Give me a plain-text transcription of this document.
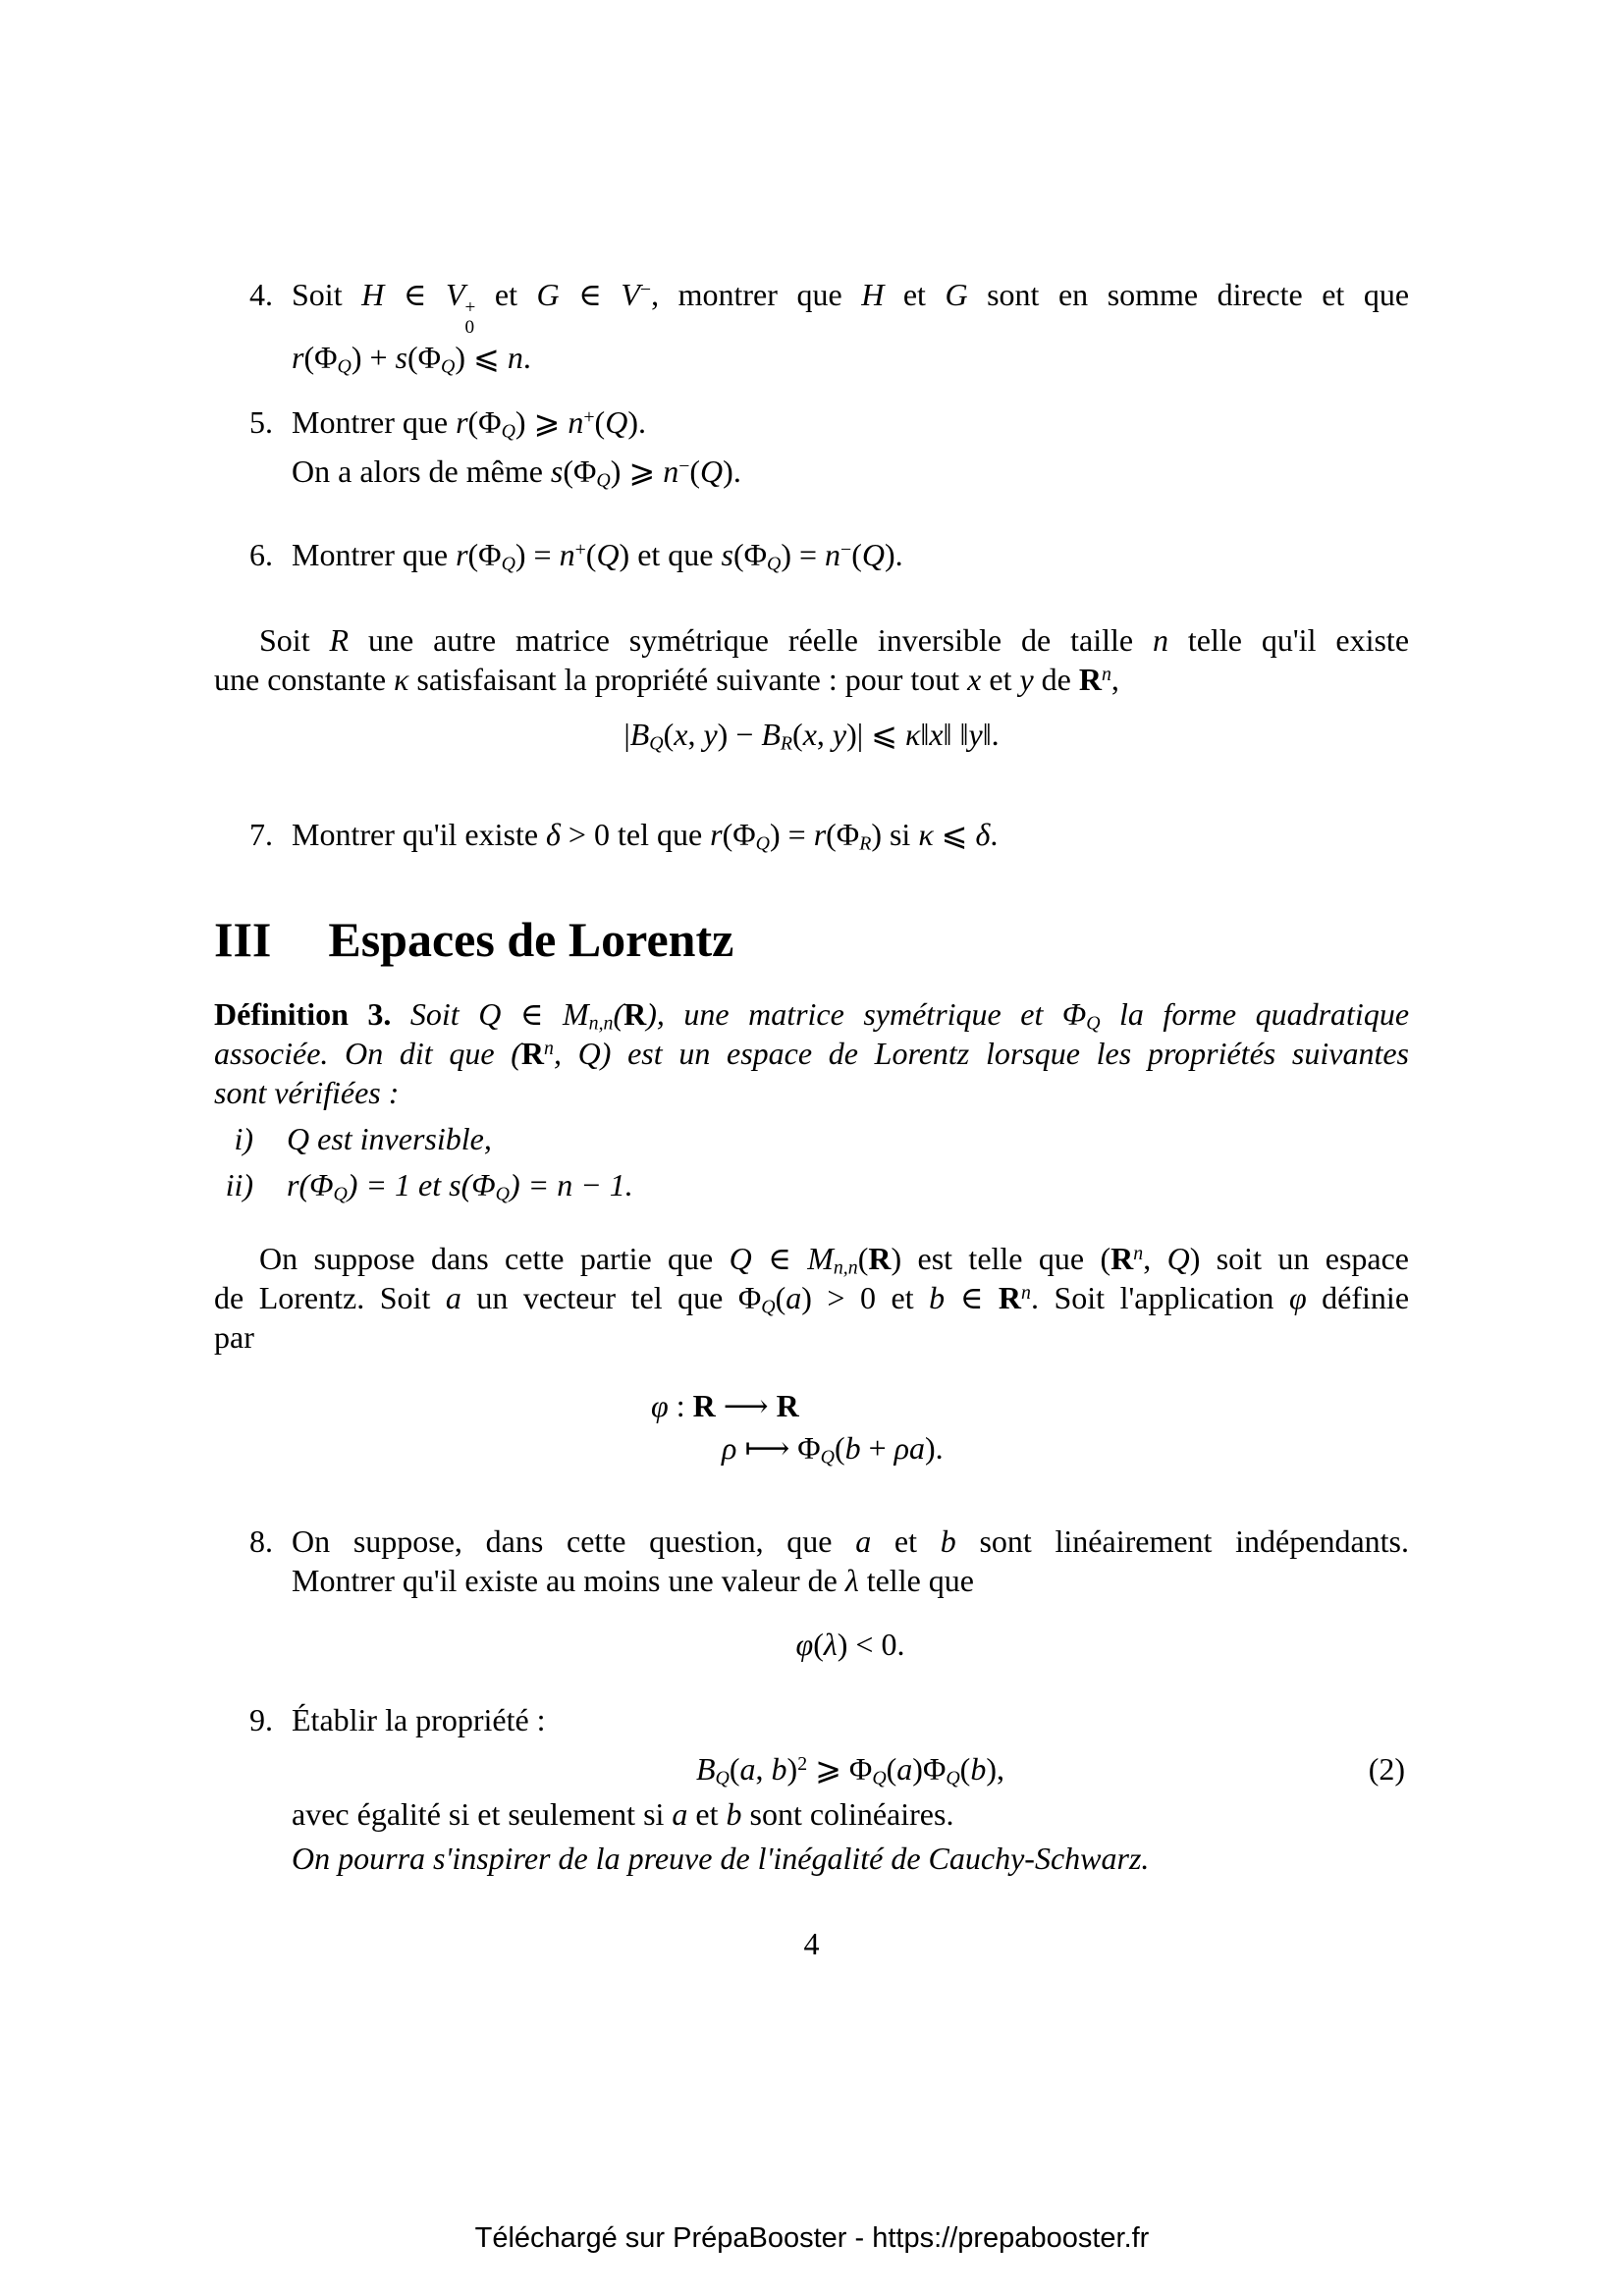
4. Soit H ∈ V +
0
et G ∈ V−, montrer que H et G sont en somme directe et que
$r(\Phi_Q) + s(\Phi_Q)$ ⩽ n.
5. Montrer que $r(\Phi_Q)$ ⩾ n+(Q).
On a alors de même $s(\Phi_Q)$ ⩾ n−(Q).
6. Montrer que $r(\Phi_Q) = n^+(Q)$ et que $s(\Phi_Q) = n^-(Q)$.
Soit R une autre matrice symétrique réelle inversible de taille n telle qu'il existe
une constante κ satisfaisant la propriété suivante : pour tout x et y de $R^n$,
$|B_Q(x$, $y) - B_R(x$, y)| ⩽ κ‖x‖ ‖y‖.
7. Montrer qu'il existe δ > 0 tel que $r(\Phi_Q) = r(\Phi_R)$ si κ ⩽ δ.
III Espaces de Lorentz
Définition 3. Soit Q ∈ $M_{n,n}(R)$, une matrice symétrique et $\Phi_Q$ la forme quadratique
associée. On dit que ($R^n$, Q) est un espace de Lorentz lorsque les propriétés suivantes
sont vérifiées :
i)	Q est inversible,
ii)	$r(\Phi_Q) = 1$ et $s(\Phi_Q) = n - 1$.
On suppose dans cette partie que Q ∈ $M_{n,n}(R)$ est telle que ($R^n$, Q) soit un espace
de Lorentz. Soit a un vecteur tel que $\Phi_Q(a) > 0$ et b ∈ $R^n$. Soit l'application φ définie
par
φ : R ⟶ R
ρ ⟼ $\Phi_Q(b + \rho a)$.
8. On suppose, dans cette question, que a et b sont linéairement indépendants.
Montrer qu'il existe au moins une valeur de λ telle que
φ(λ) < 0.
9. Établir la propriété :
$B_Q(a$, b)$^2$ ⩾ $\Phi_Q(a)\Phi_Q(b)$,	(2)
avec égalité si et seulement si a et b sont colinéaires.
On pourra s'inspirer de la preuve de l'inégalité de Cauchy-Schwarz.
4
Téléchargé sur PrépaBooster - https://prepabooster.fr
